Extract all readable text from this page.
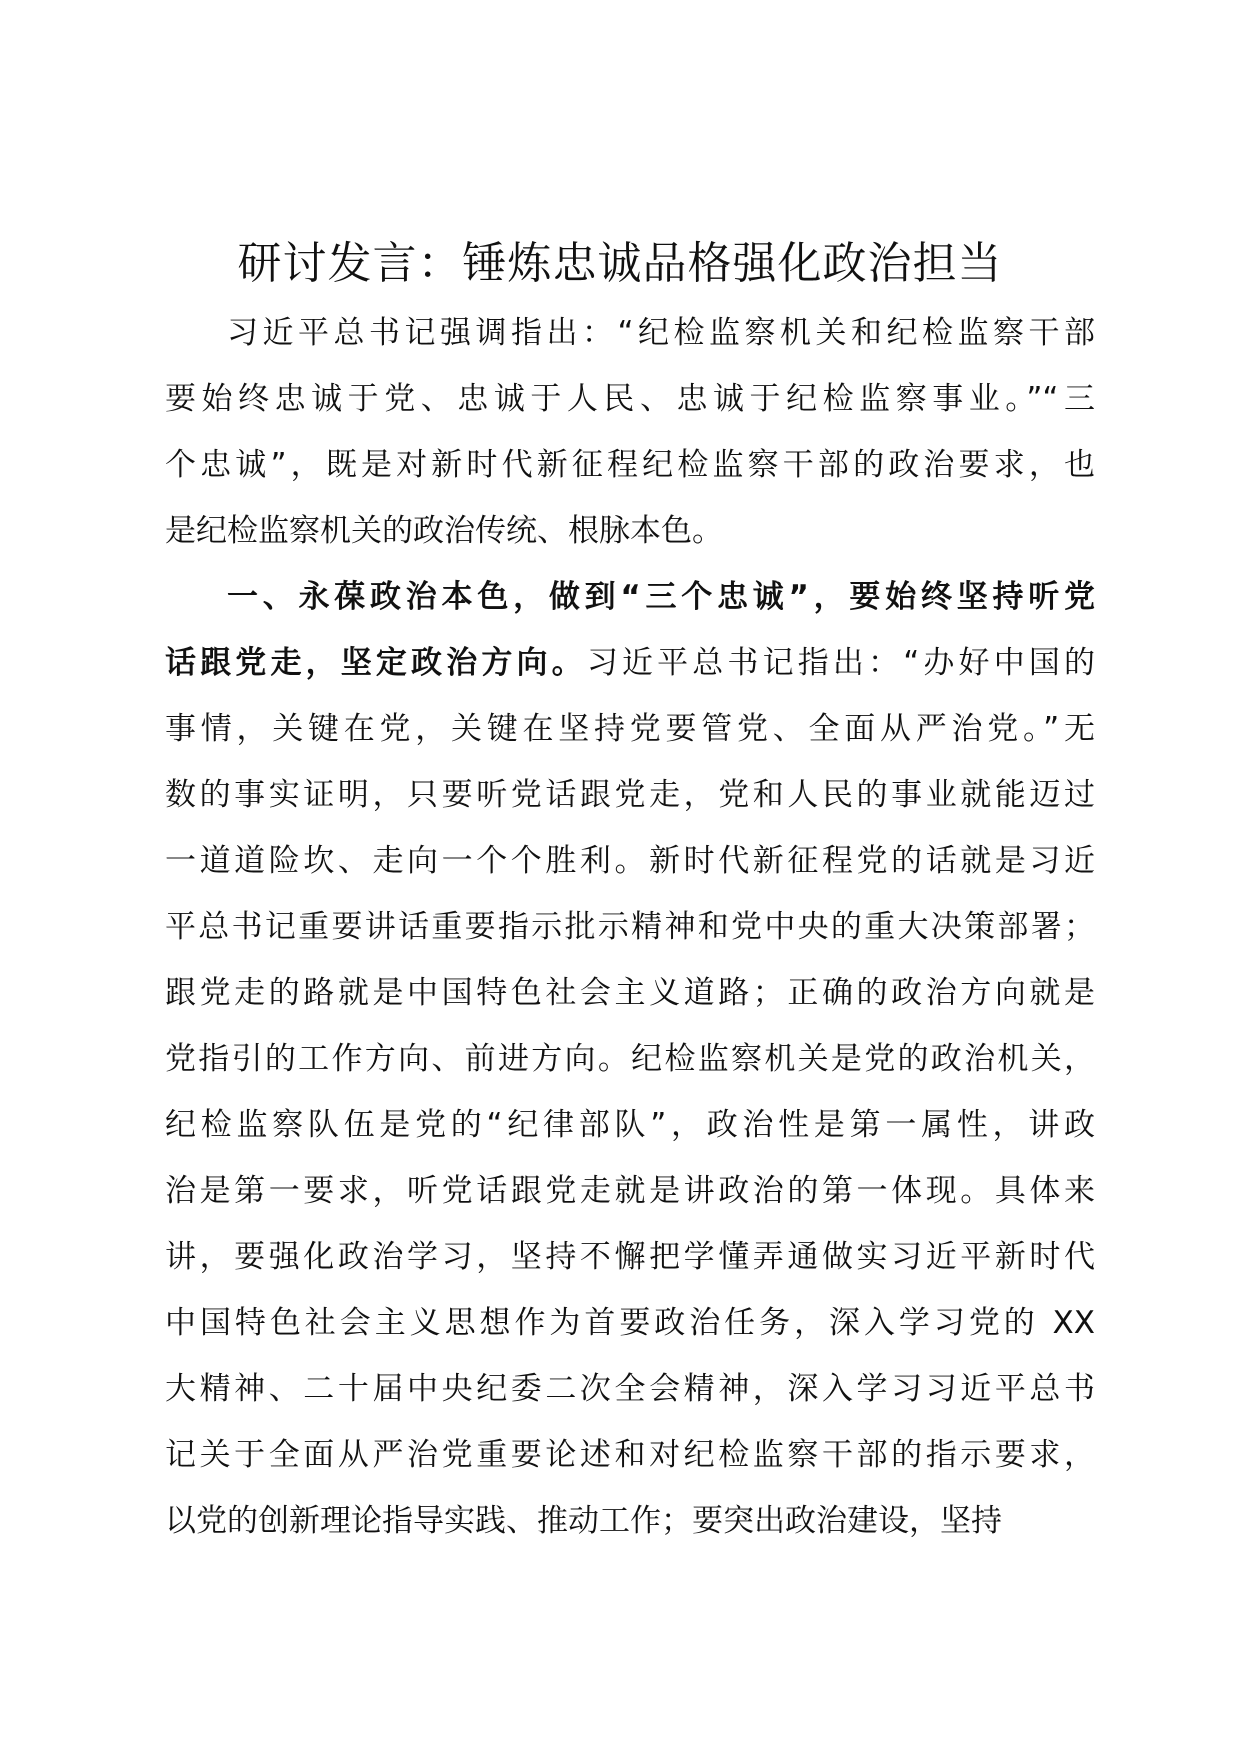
研讨发言：锤炼忠诚品格强化政治担当
习近平总书记强调指出：“纪检监察机关和纪检监察干部
要始终忠诚于党、忠诚于人民、忠诚于纪检监察事业。”“三
个忠诚”，既是对新时代新征程纪检监察干部的政治要求，也
是纪检监察机关的政治传统、根脉本色。
一、永葆政治本色，做到“三个忠诚”，要始终坚持听党
话跟党走，坚定政治方向。习近平总书记指出：“办好中国的
事情，关键在党，关键在坚持党要管党、全面从严治党。”无
数的事实证明，只要听党话跟党走，党和人民的事业就能迈过
一道道险坎、走向一个个胜利。新时代新征程党的话就是习近
平总书记重要讲话重要指示批示精神和党中央的重大决策部署；
跟党走的路就是中国特色社会主义道路；正确的政治方向就是
党指引的工作方向、前进方向。纪检监察机关是党的政治机关，
纪检监察队伍是党的“纪律部队”，政治性是第一属性，讲政
治是第一要求，听党话跟党走就是讲政治的第一体现。具体来
讲，要强化政治学习，坚持不懈把学懂弄通做实习近平新时代
中国特色社会主义思想作为首要政治任务，深入学习党的 XX
大精神、二十届中央纪委二次全会精神，深入学习习近平总书
记关于全面从严治党重要论述和对纪检监察干部的指示要求，
以党的创新理论指导实践、推动工作；要突出政治建设，坚持
